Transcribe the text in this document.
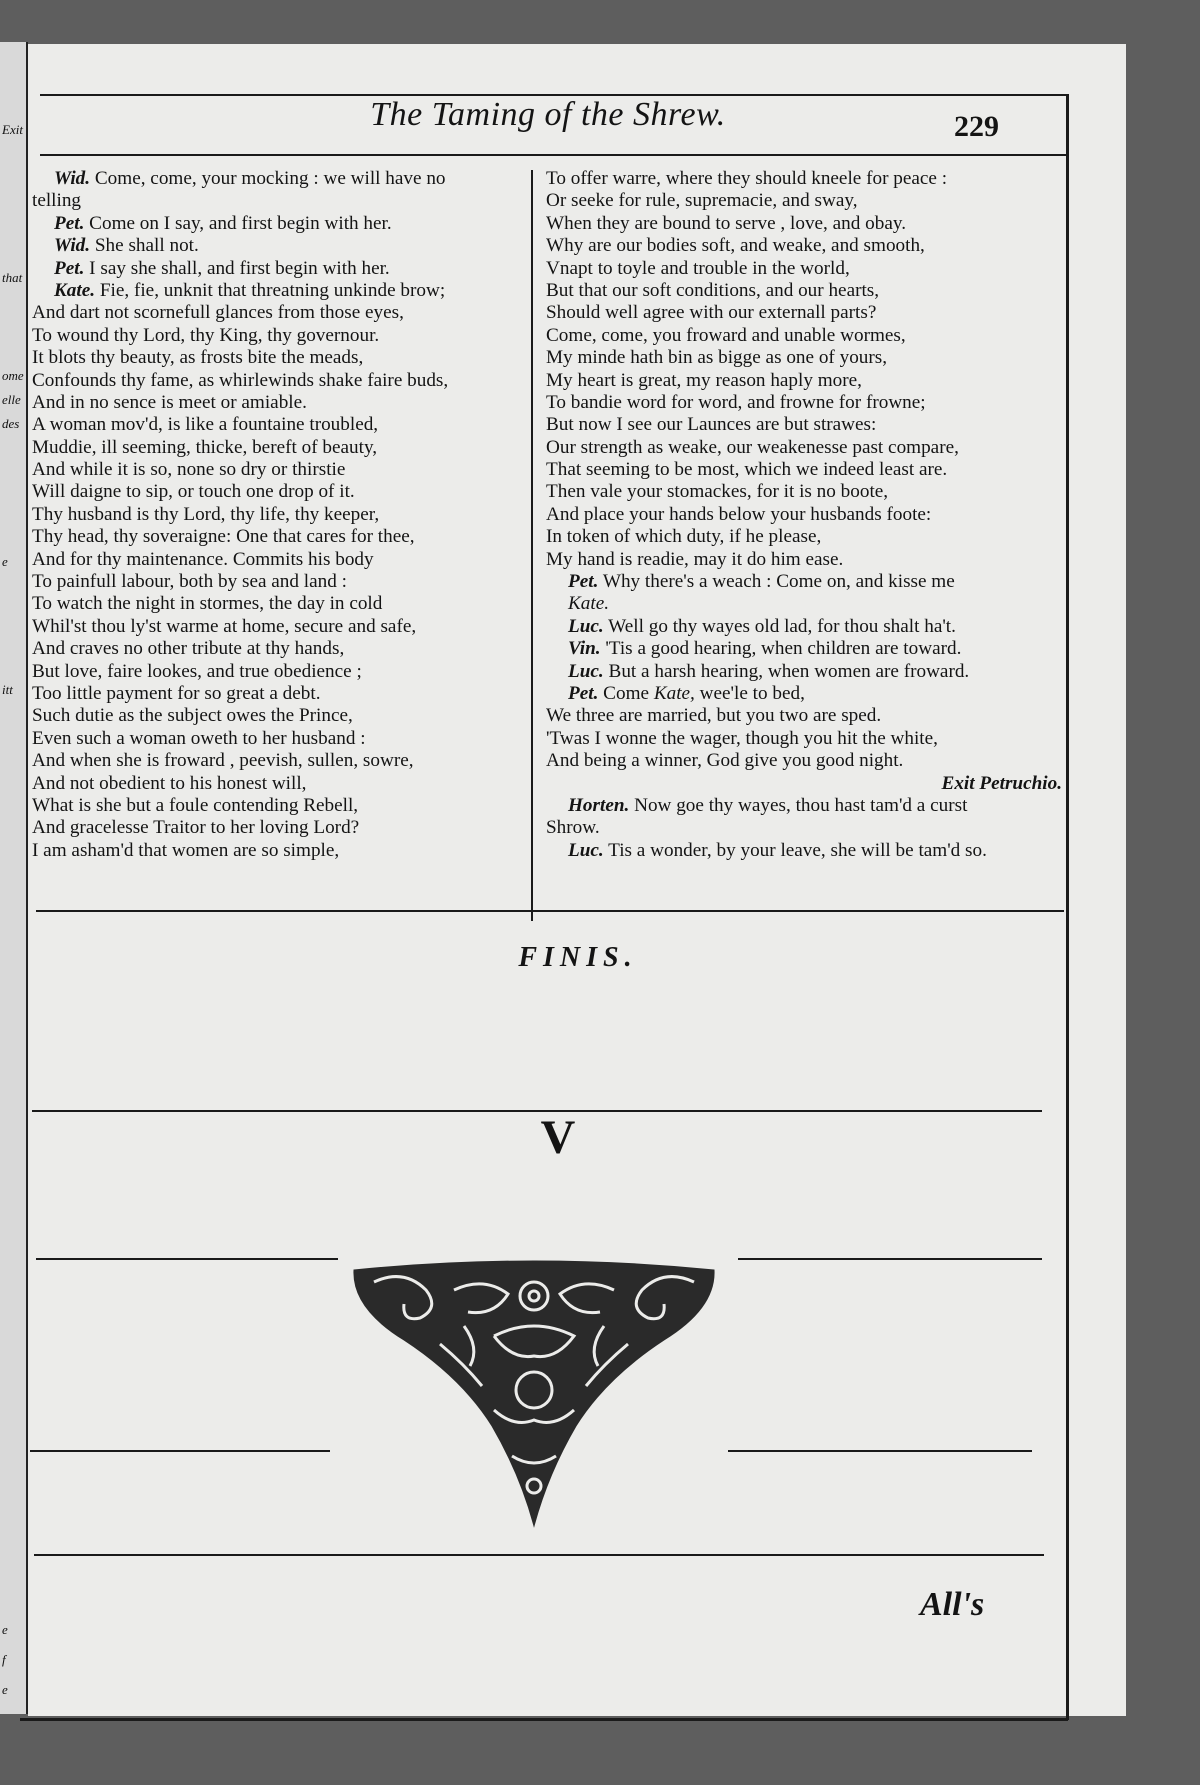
Exit
that
ome
elle
des
e
itt
e
f
e
The Taming of the Shrew.	229
Wid. Come, come, your mocking : we will have no
telling
Pet. Come on I say, and first begin with her.
Wid. She shall not.
Pet. I say she shall, and first begin with her.
Kate. Fie, fie, unknit that threatning unkinde brow;
And dart not scornefull glances from those eyes,
To wound thy Lord, thy King, thy governour.
It blots thy beauty, as frosts bite the meads,
Confounds thy fame, as whirlewinds shake faire buds,
And in no sence is meet or amiable.
A woman mov'd, is like a fountaine troubled,
Muddie, ill seeming, thicke, bereft of beauty,
And while it is so, none so dry or thirstie
Will daigne to sip, or touch one drop of it.
Thy husband is thy Lord, thy life, thy keeper,
Thy head, thy soveraigne: One that cares for thee,
And for thy maintenance. Commits his body
To painfull labour, both by sea and land :
To watch the night in stormes, the day in cold
Whil'st thou ly'st warme at home, secure and safe,
And craves no other tribute at thy hands,
But love, faire lookes, and true obedience ;
Too little payment for so great a debt.
Such dutie as the subject owes the Prince,
Even such a woman oweth to her husband :
And when she is froward , peevish, sullen, sowre,
And not obedient to his honest will,
What is she but a foule contending Rebell,
And gracelesse Traitor to her loving Lord?
I am asham'd that women are so simple,
To offer warre, where they should kneele for peace :
Or seeke for rule, supremacie, and sway,
When they are bound to serve , love, and obay.
Why are our bodies soft, and weake, and smooth,
Vnapt to toyle and trouble in the world,
But that our soft conditions, and our hearts,
Should well agree with our externall parts?
Come, come, you froward and unable wormes,
My minde hath bin as bigge as one of yours,
My heart is great, my reason haply more,
To bandie word for word, and frowne for frowne;
But now I see our Launces are but strawes:
Our strength as weake, our weakenesse past compare,
That seeming to be most, which we indeed least are.
Then vale your stomackes, for it is no boote,
And place your hands below your husbands foote:
In token of which duty, if he please,
My hand is readie, may it do him ease.
Pet. Why there's a weach : Come on, and kisse me
Kate.
Luc. Well go thy wayes old lad, for thou shalt ha't.
Vin. 'Tis a good hearing, when children are toward.
Luc. But a harsh hearing, when women are froward.
Pet. Come Kate, wee'le to bed,
We three are married, but you two are sped.
'Twas I wonne the wager, though you hit the white,
And being a winner, God give you good night.
Exit Petruchio.
Horten. Now goe thy wayes, thou hast tam'd a curst
Shrow.
Luc. Tis a wonder, by your leave, she will be tam'd so.
FINIS.
V
All's
